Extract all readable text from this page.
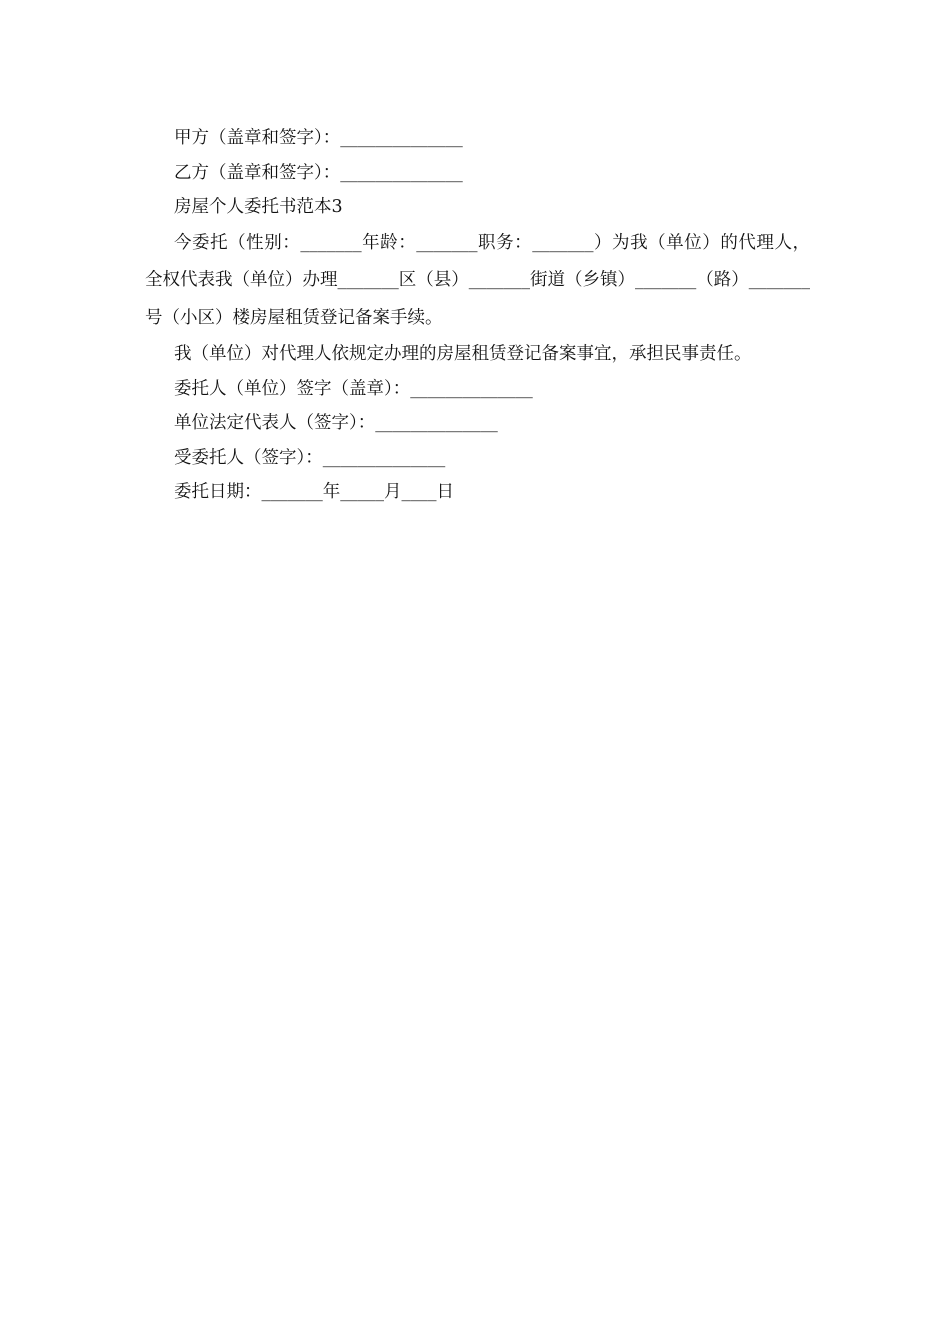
甲方（盖章和签字）：______________

乙方（盖章和签字）：______________

房屋个人委托书范本3

今委托（性别：_______年龄：_______职务：_______）为我（单位）的代理人，全权代表我（单位）办理_______区（县）_______街道（乡镇）_______（路）_______号（小区）楼房屋租赁登记备案手续。

我（单位）对代理人依规定办理的房屋租赁登记备案事宜，承担民事责任。

委托人（单位）签字（盖章）：______________

单位法定代表人（签字）：______________

受委托人（签字）：______________

委托日期：_______年_____月____日
